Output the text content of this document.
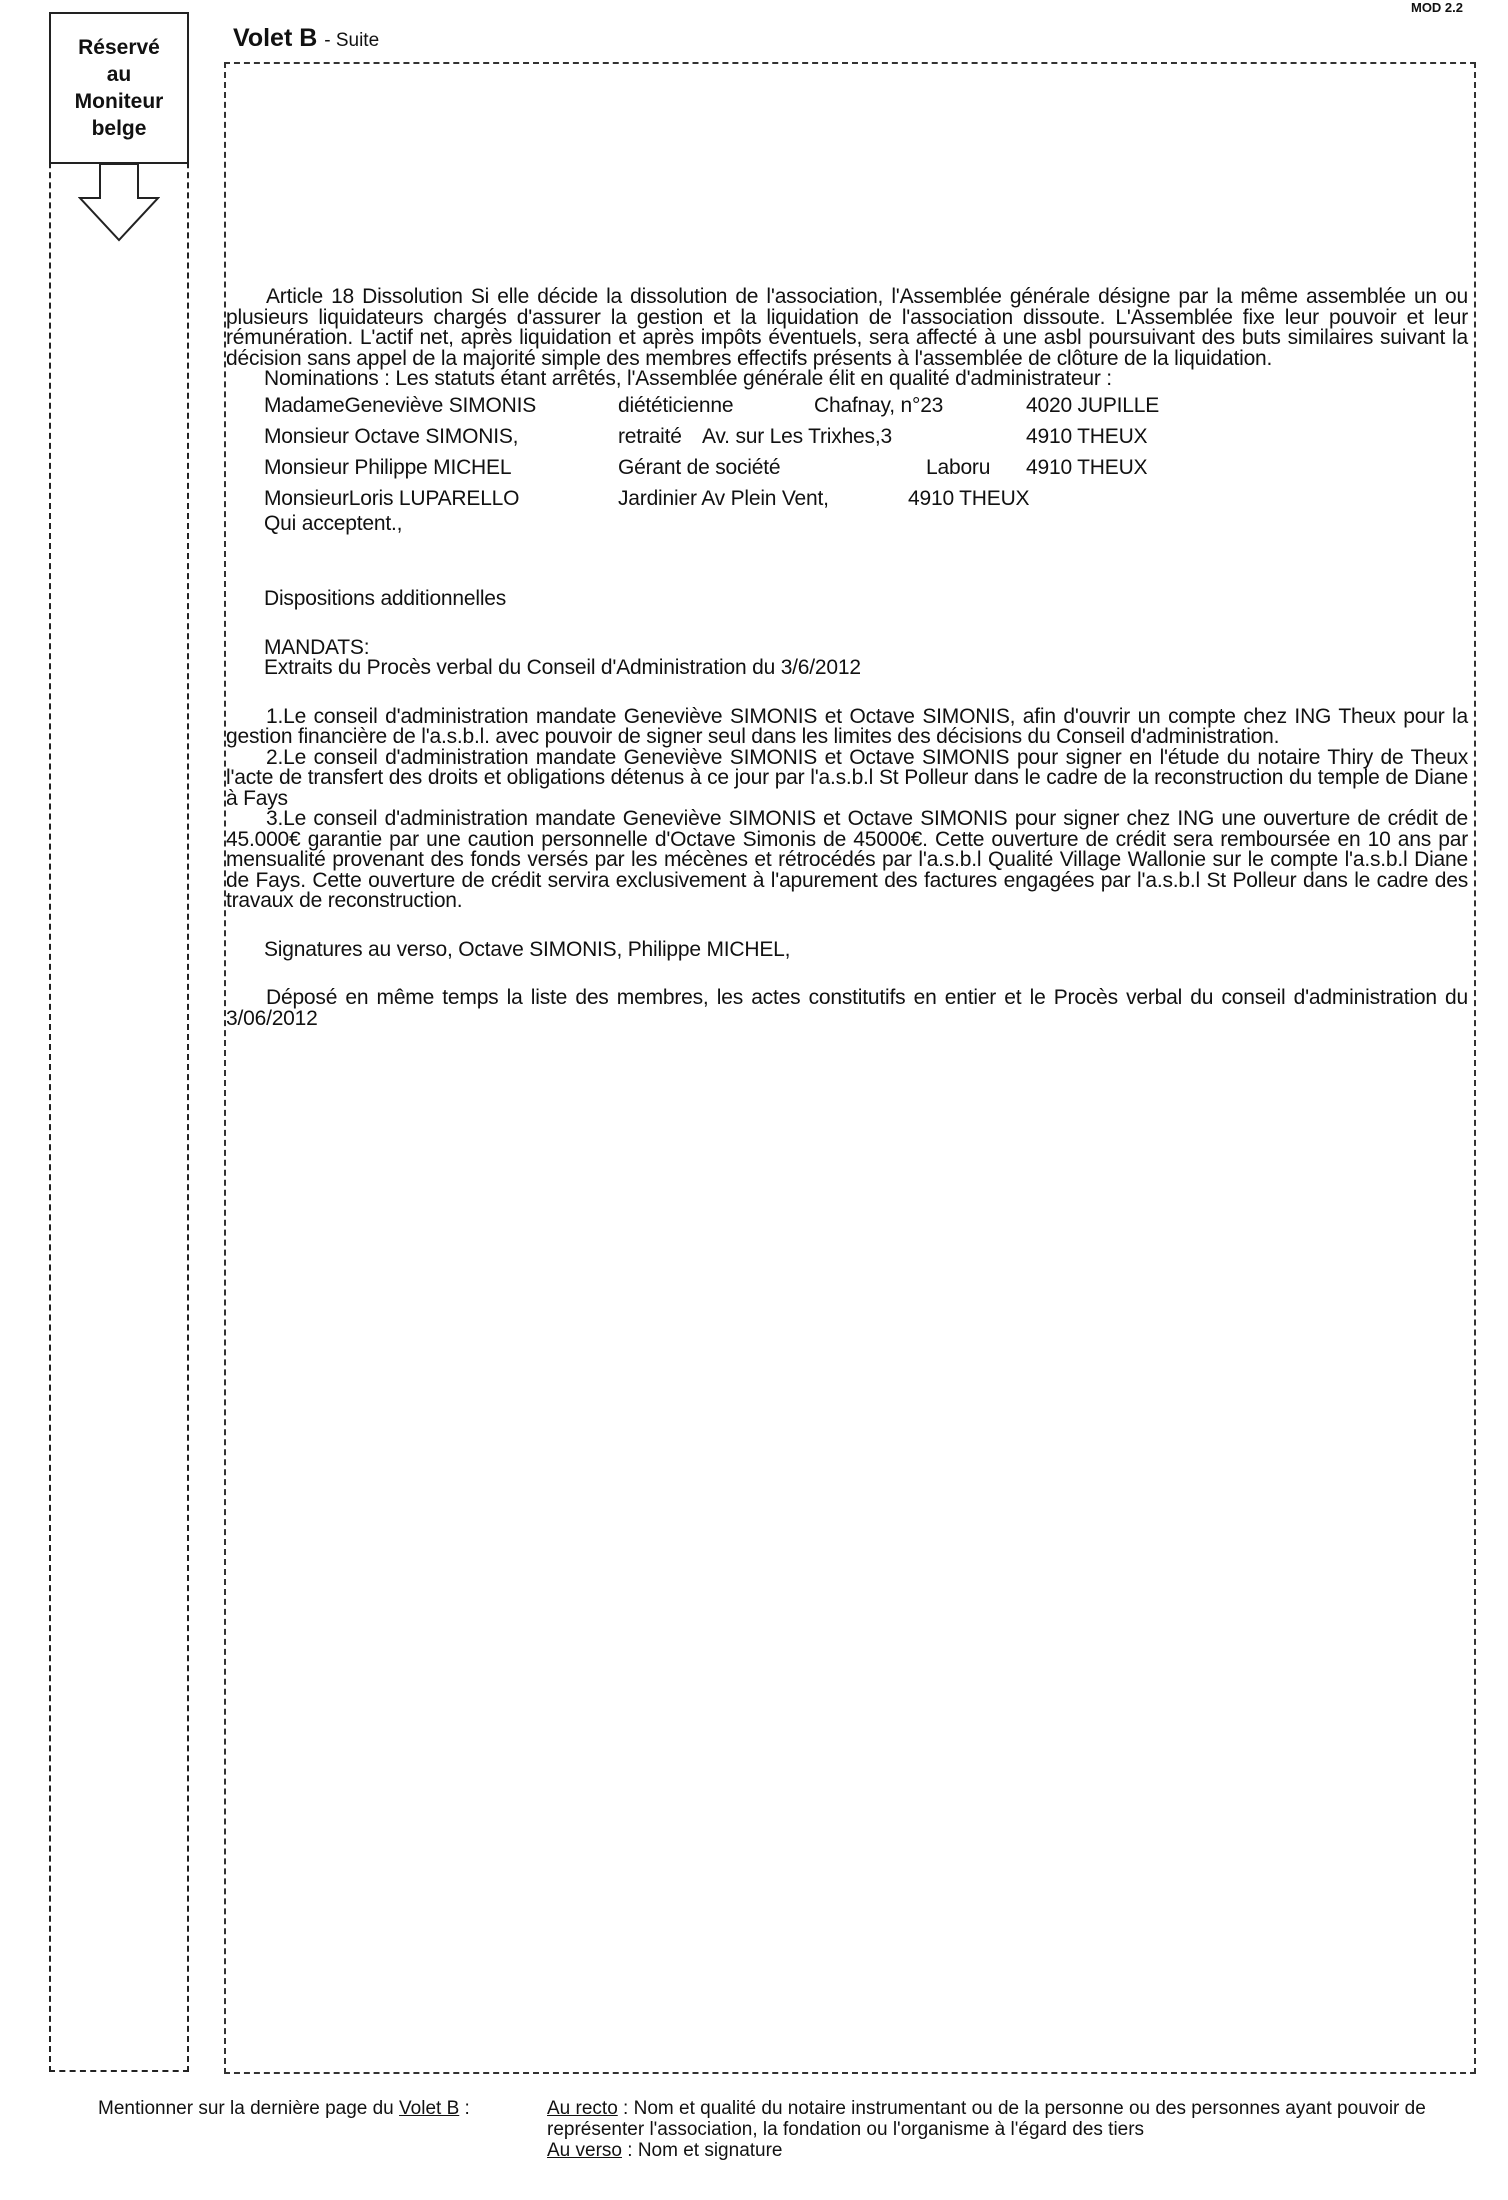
MOD 2.2
Réservé
au
Moniteur
belge
Volet B - Suite

Article 18 Dissolution Si elle décide la dissolution de l'association, l'Assemblée générale désigne par la même assemblée un ou plusieurs liquidateurs chargés d'assurer la gestion et la liquidation de l'association dissoute. L'Assemblée fixe leur pouvoir et leur rémunération. L'actif net, après liquidation et après impôts éventuels, sera affecté à une asbl poursuivant des buts similaires suivant la décision sans appel de la majorité simple des membres effectifs présents à l'assemblée de clôture de la liquidation.

Nominations : Les statuts étant arrêtés, l'Assemblée générale élit en qualité d'administrateur :

MadameGeneviève SIMONIS	diététicienne	Chafnay, n°23	4020 JUPILLE
Monsieur Octave SIMONIS,	retraité Av. sur Les Trixhes,3	4910 THEUX
Monsieur Philippe MICHEL	Gérant de société	Laboru	4910 THEUX
MonsieurLoris LUPARELLO	Jardinier Av Plein Vent,	4910 THEUX

Qui acceptent.,

Dispositions additionnelles

MANDATS:

Extraits du Procès verbal du Conseil d'Administration du 3/6/2012

1.Le conseil d'administration mandate Geneviève SIMONIS et Octave SIMONIS, afin d'ouvrir un compte chez ING Theux pour la gestion financière de l'a.s.b.l. avec pouvoir de signer seul dans les limites des décisions du Conseil d'administration.

2.Le conseil d'administration mandate Geneviève SIMONIS et Octave SIMONIS pour signer en l'étude du notaire Thiry de Theux l'acte de transfert des droits et obligations détenus à ce jour par l'a.s.b.l St Polleur dans le cadre de la reconstruction du temple de Diane à Fays

3.Le conseil d'administration mandate Geneviève SIMONIS et Octave SIMONIS pour signer chez ING une ouverture de crédit de 45.000€ garantie par une caution personnelle d'Octave Simonis de 45000€. Cette ouverture de crédit sera remboursée en 10 ans par mensualité provenant des fonds versés par les mécènes et rétrocédés par l'a.s.b.l Qualité Village Wallonie sur le compte l'a.s.b.l Diane de Fays. Cette ouverture de crédit servira exclusivement à l'apurement des factures engagées par l'a.s.b.l St Polleur dans le cadre des travaux de reconstruction.

Signatures au verso, Octave SIMONIS, Philippe MICHEL,

Déposé en même temps la liste des membres, les actes constitutifs en entier et le Procès verbal du conseil d'administration du 3/06/2012

Mentionner sur la dernière page du Volet B :	Au recto : Nom et qualité du notaire instrumentant ou de la personne ou des personnes ayant pouvoir de représenter l'association, la fondation ou l'organisme à l'égard des tiers
Au verso : Nom et signature
